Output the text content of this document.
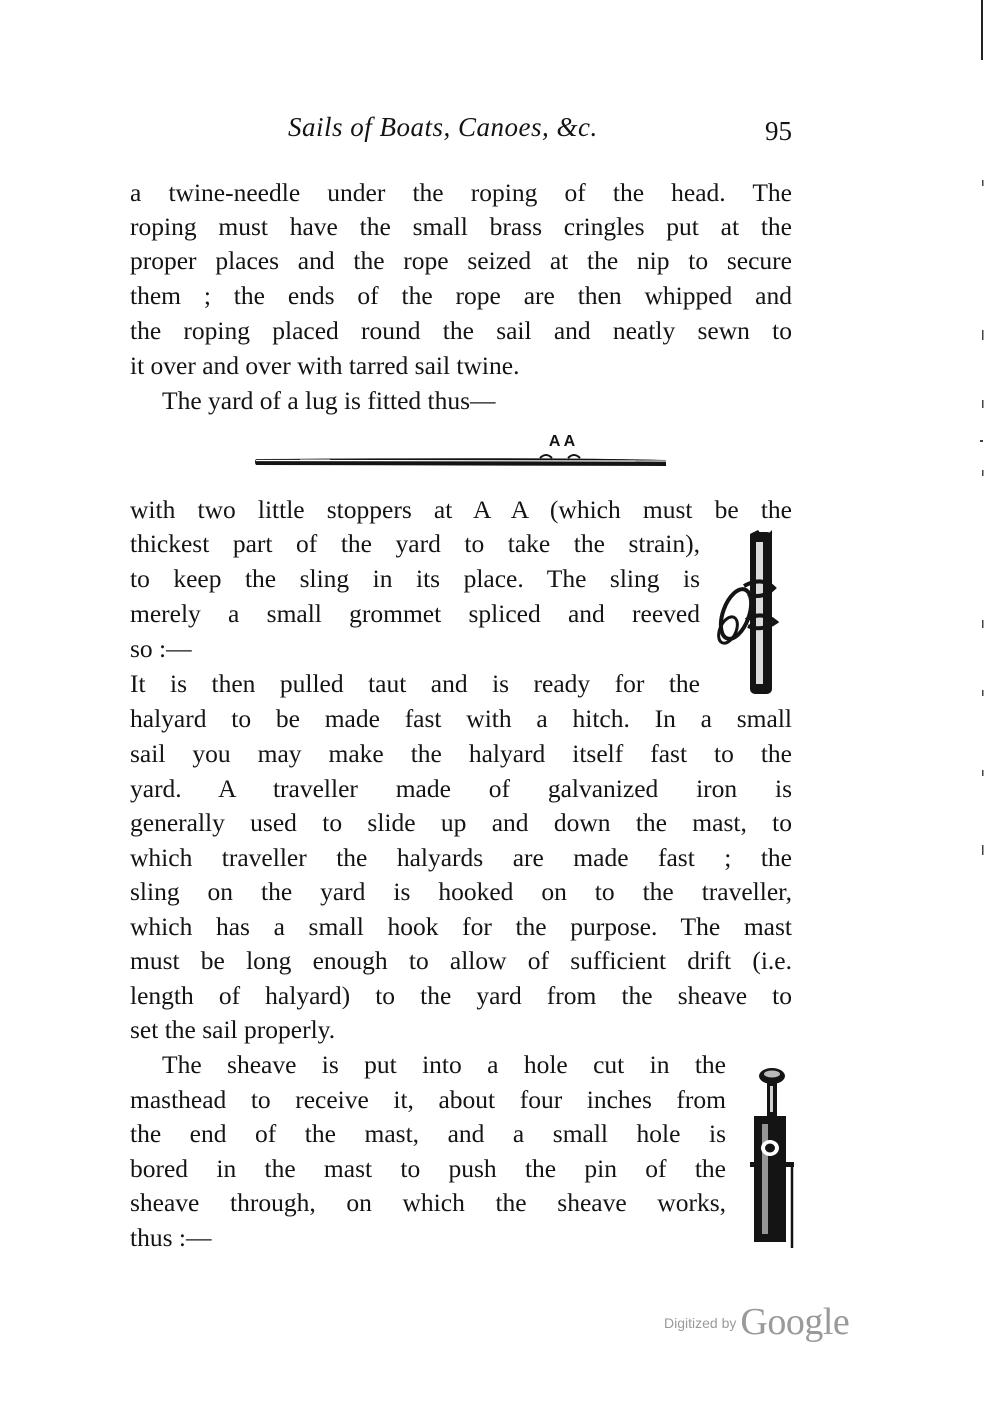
Sails of Boats, Canoes, &c.	95
a twine-needle under the roping of the head. The
roping must have the small brass cringles put at the
proper places and the rope seized at the nip to secure
them ; the ends of the rope are then whipped and
the roping placed round the sail and neatly sewn to
it over and over with tarred sail twine.
The yard of a lug is fitted thus—
A A
with two little stoppers at A A (which must be the
thickest part of the yard to take the strain),
to keep the sling in its place. The sling is
merely a small grommet spliced and reeved
so :—
It is then pulled taut and is ready for the
halyard to be made fast with a hitch. In a small
sail you may make the halyard itself fast to the
yard. A traveller made of galvanized iron is
generally used to slide up and down the mast, to
which traveller the halyards are made fast ; the
sling on the yard is hooked on to the traveller,
which has a small hook for the purpose. The mast
must be long enough to allow of sufficient drift (i.e.
length of halyard) to the yard from the sheave to
set the sail properly.
The sheave is put into a hole cut in the
masthead to receive it, about four inches from
the end of the mast, and a small hole is
bored in the mast to push the pin of the
sheave through, on which the sheave works,
thus :—
Digitized by Google
